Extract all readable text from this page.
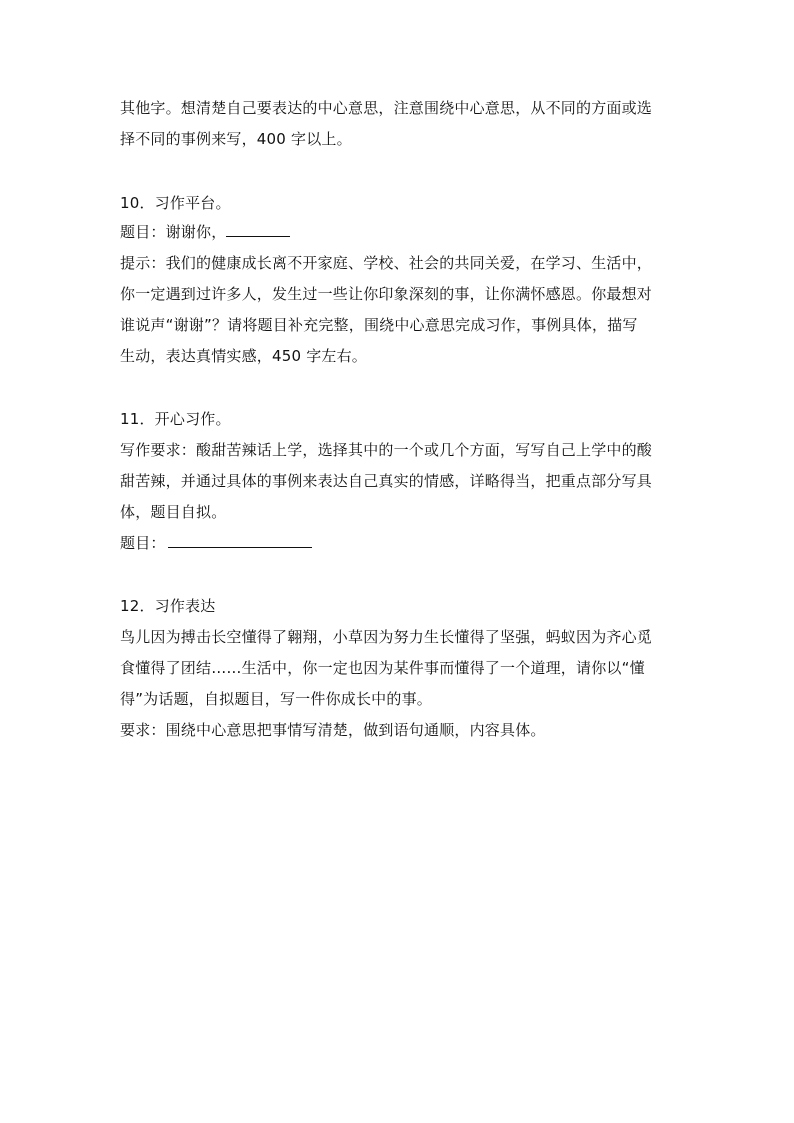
其他字。想清楚自己要表达的中心意思，注意围绕中心意思，从不同的方面或选
择不同的事例来写，400 字以上。
10．习作平台。
题目：谢谢你，
提示：我们的健康成长离不开家庭、学校、社会的共同关爱，在学习、生活中，
你一定遇到过许多人，发生过一些让你印象深刻的事，让你满怀感恩。你最想对
谁说声“谢谢”？请将题目补充完整，围绕中心意思完成习作，事例具体，描写
生动，表达真情实感，450 字左右。
11．开心习作。
写作要求：酸甜苦辣话上学，选择其中的一个或几个方面，写写自己上学中的酸
甜苦辣，并通过具体的事例来表达自己真实的情感，详略得当，把重点部分写具
体，题目自拟。
题目：
12．习作表达
鸟儿因为搏击长空懂得了翱翔，小草因为努力生长懂得了坚强，蚂蚁因为齐心觅
食懂得了团结……生活中，你一定也因为某件事而懂得了一个道理，请你以“懂
得”为话题，自拟题目，写一件你成长中的事。
要求：围绕中心意思把事情写清楚，做到语句通顺，内容具体。
